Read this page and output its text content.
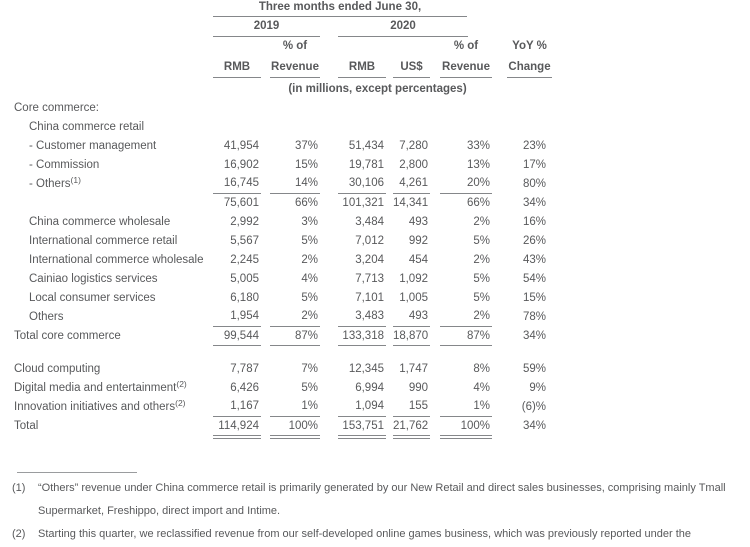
	Three months ended June 30,										

	2019				2020						

			% of						% of		YoY %
	RMB		Revenue		RMB		US$		Revenue		Change

	(in millions, except percentages)										

Core commerce:											
China commerce retail											
- Customer management	41,954		37%		51,434		7,280		33%		23%
- Commission	16,902		15%		19,781		2,800		13%		17%
- Others$^{(1)}$	16,745		14%		30,106		4,261		20%		80%
	75,601		66%		101,321		14,341		66%		34%
China commerce wholesale	2,992		3%		3,484		493		2%		16%
International commerce retail	5,567		5%		7,012		992		5%		26%
International commerce wholesale	2,245		2%		3,204		454		2%		43%
Cainiao logistics services	5,005		4%		7,713		1,092		5%		54%
Local consumer services	6,180		5%		7,101		1,005		5%		15%
Others	1,954		2%		3,483		493		2%		78%
Total core commerce	99,544		87%		133,318		18,870		87%		34%

Cloud computing	7,787		7%		12,345		1,747		8%		59%
Digital media and entertainment$^{(2)}$	6,426		5%		6,994		990		4%		9%
Innovation initiatives and others$^{(2)}$	1,167		1%		1,094		155		1%		(6)%
Total	114,924		100%		153,751		21,762		100%		34%
(1)	“Others” revenue under China commerce retail is primarily generated by our New Retail and direct sales businesses, comprising mainly Tmall Supermarket, Freshippo, direct import and Intime.
(2)	Starting this quarter, we reclassified revenue from our self-developed online games business, which was previously reported under the
